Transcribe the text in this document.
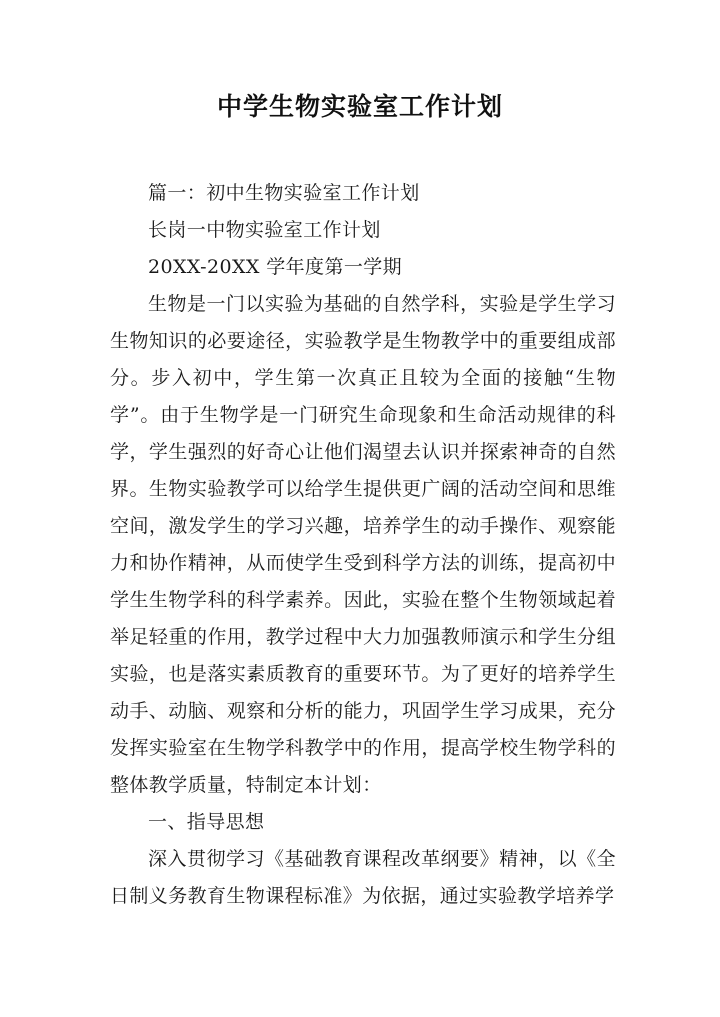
中学生物实验室工作计划

篇一：初中生物实验室工作计划

长岗一中物实验室工作计划

20XX-20XX 学年度第一学期

生物是一门以实验为基础的自然学科，实验是学生学习生物知识的必要途径，实验教学是生物教学中的重要组成部分。步入初中，学生第一次真正且较为全面的接触“生物学”。由于生物学是一门研究生命现象和生命活动规律的科学，学生强烈的好奇心让他们渴望去认识并探索神奇的自然界。生物实验教学可以给学生提供更广阔的活动空间和思维空间，激发学生的学习兴趣，培养学生的动手操作、观察能力和协作精神，从而使学生受到科学方法的训练，提高初中学生生物学科的科学素养。因此，实验在整个生物领域起着举足轻重的作用，教学过程中大力加强教师演示和学生分组实验，也是落实素质教育的重要环节。为了更好的培养学生动手、动脑、观察和分析的能力，巩固学生学习成果，充分发挥实验室在生物学科教学中的作用，提高学校生物学科的整体教学质量，特制定本计划：

一、指导思想

深入贯彻学习《基础教育课程改革纲要》精神，以《全日制义务教育生物课程标准》为依据，通过实验教学培养学
